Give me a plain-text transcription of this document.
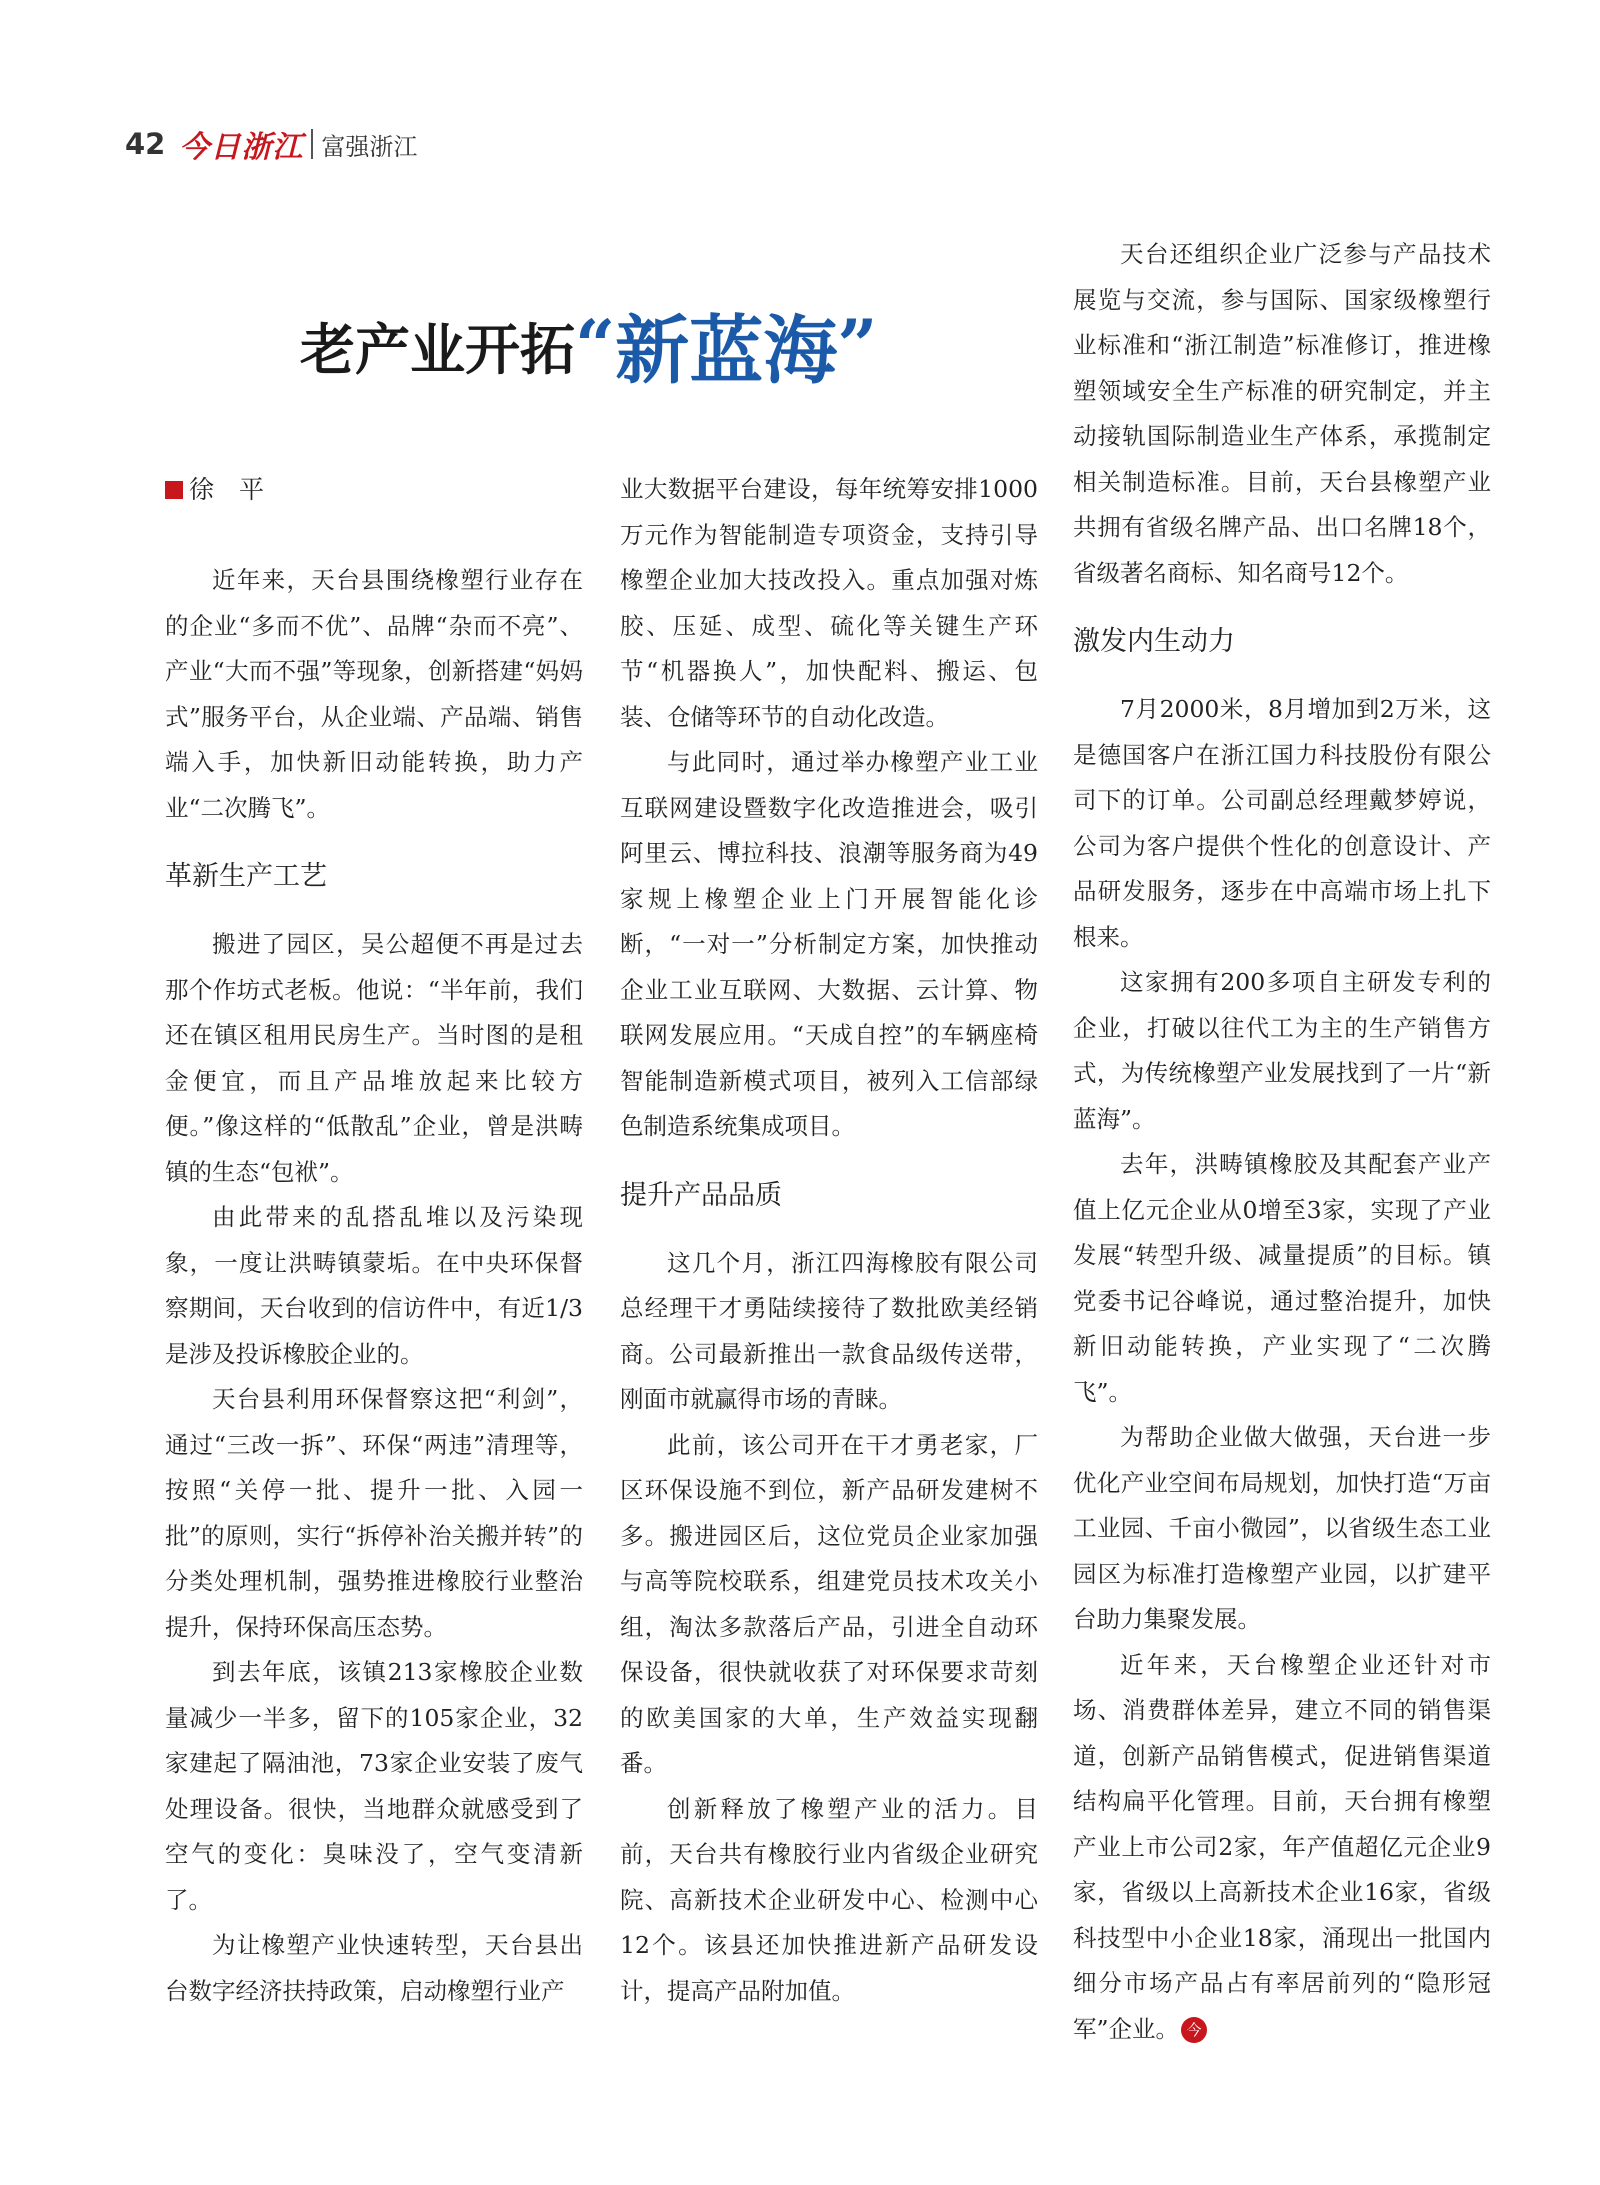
42 今日浙江 富强浙江
老产业开拓 “ 新蓝海 ”
徐　平

近年来，天台县围绕橡塑行业存在的企业“多而不优”、品牌“杂而不亮”、产业“大而不强”等现象，创新搭建“妈妈式”服务平台，从企业端、产品端、销售端入手，加快新旧动能转换，助力产业“二次腾飞”。

革新生产工艺

搬进了园区，吴公超便不再是过去那个作坊式老板。他说：“半年前，我们还在镇区租用民房生产。当时图的是租金便宜，而且产品堆放起来比较方便。”像这样的“低散乱”企业，曾是洪畴镇的生态“包袱”。

由此带来的乱搭乱堆以及污染现象，一度让洪畴镇蒙垢。在中央环保督察期间，天台收到的信访件中，有近1/3是涉及投诉橡胶企业的。

天台县利用环保督察这把“利剑”，通过“三改一拆”、环保“两违”清理等，按照“关停一批、提升一批、入园一批”的原则，实行“拆停补治关搬并转”的分类处理机制，强势推进橡胶行业整治提升，保持环保高压态势。

到去年底，该镇213家橡胶企业数量减少一半多，留下的105家企业，32家建起了隔油池，73家企业安装了废气处理设备。很快，当地群众就感受到了空气的变化：臭味没了，空气变清新了。

为让橡塑产业快速转型，天台县出台数字经济扶持政策，启动橡塑行业产

业大数据平台建设，每年统筹安排1000万元作为智能制造专项资金，支持引导橡塑企业加大技改投入。重点加强对炼胶、压延、成型、硫化等关键生产环节“机器换人”，加快配料、搬运、包装、仓储等环节的自动化改造。

与此同时，通过举办橡塑产业工业互联网建设暨数字化改造推进会，吸引阿里云、博拉科技、浪潮等服务商为49家规上橡塑企业上门开展智能化诊断，“一对一”分析制定方案，加快推动企业工业互联网、大数据、云计算、物联网发展应用。“天成自控”的车辆座椅智能制造新模式项目，被列入工信部绿色制造系统集成项目。

提升产品品质

这几个月，浙江四海橡胶有限公司总经理干才勇陆续接待了数批欧美经销商。公司最新推出一款食品级传送带，刚面市就赢得市场的青睐。

此前，该公司开在干才勇老家，厂区环保设施不到位，新产品研发建树不多。搬进园区后，这位党员企业家加强与高等院校联系，组建党员技术攻关小组，淘汰多款落后产品，引进全自动环保设备，很快就收获了对环保要求苛刻的欧美国家的大单，生产效益实现翻番。

创新释放了橡塑产业的活力。目前，天台共有橡胶行业内省级企业研究院、高新技术企业研发中心、检测中心12个。该县还加快推进新产品研发设计，提高产品附加值。

天台还组织企业广泛参与产品技术展览与交流，参与国际、国家级橡塑行业标准和“浙江制造”标准修订，推进橡塑领域安全生产标准的研究制定，并主动接轨国际制造业生产体系，承揽制定相关制造标准。目前，天台县橡塑产业共拥有省级名牌产品、出口名牌18个，省级著名商标、知名商号12个。

激发内生动力

7月2000米，8月增加到2万米，这是德国客户在浙江国力科技股份有限公司下的订单。公司副总经理戴梦婷说，公司为客户提供个性化的创意设计、产品研发服务，逐步在中高端市场上扎下根来。

这家拥有200多项自主研发专利的企业，打破以往代工为主的生产销售方式，为传统橡塑产业发展找到了一片“新蓝海”。

去年，洪畴镇橡胶及其配套产业产值上亿元企业从0增至3家，实现了产业发展“转型升级、减量提质”的目标。镇党委书记谷峰说，通过整治提升，加快新旧动能转换，产业实现了“二次腾飞”。

为帮助企业做大做强，天台进一步优化产业空间布局规划，加快打造“万亩工业园、千亩小微园”，以省级生态工业园区为标准打造橡塑产业园，以扩建平台助力集聚发展。

近年来，天台橡塑企业还针对市场、消费群体差异，建立不同的销售渠道，创新产品销售模式，促进销售渠道结构扁平化管理。目前，天台拥有橡塑产业上市公司2家，年产值超亿元企业9家，省级以上高新技术企业16家，省级科技型中小企业18家，涌现出一批国内细分市场产品占有率居前列的“隐形冠军”企业。 今
